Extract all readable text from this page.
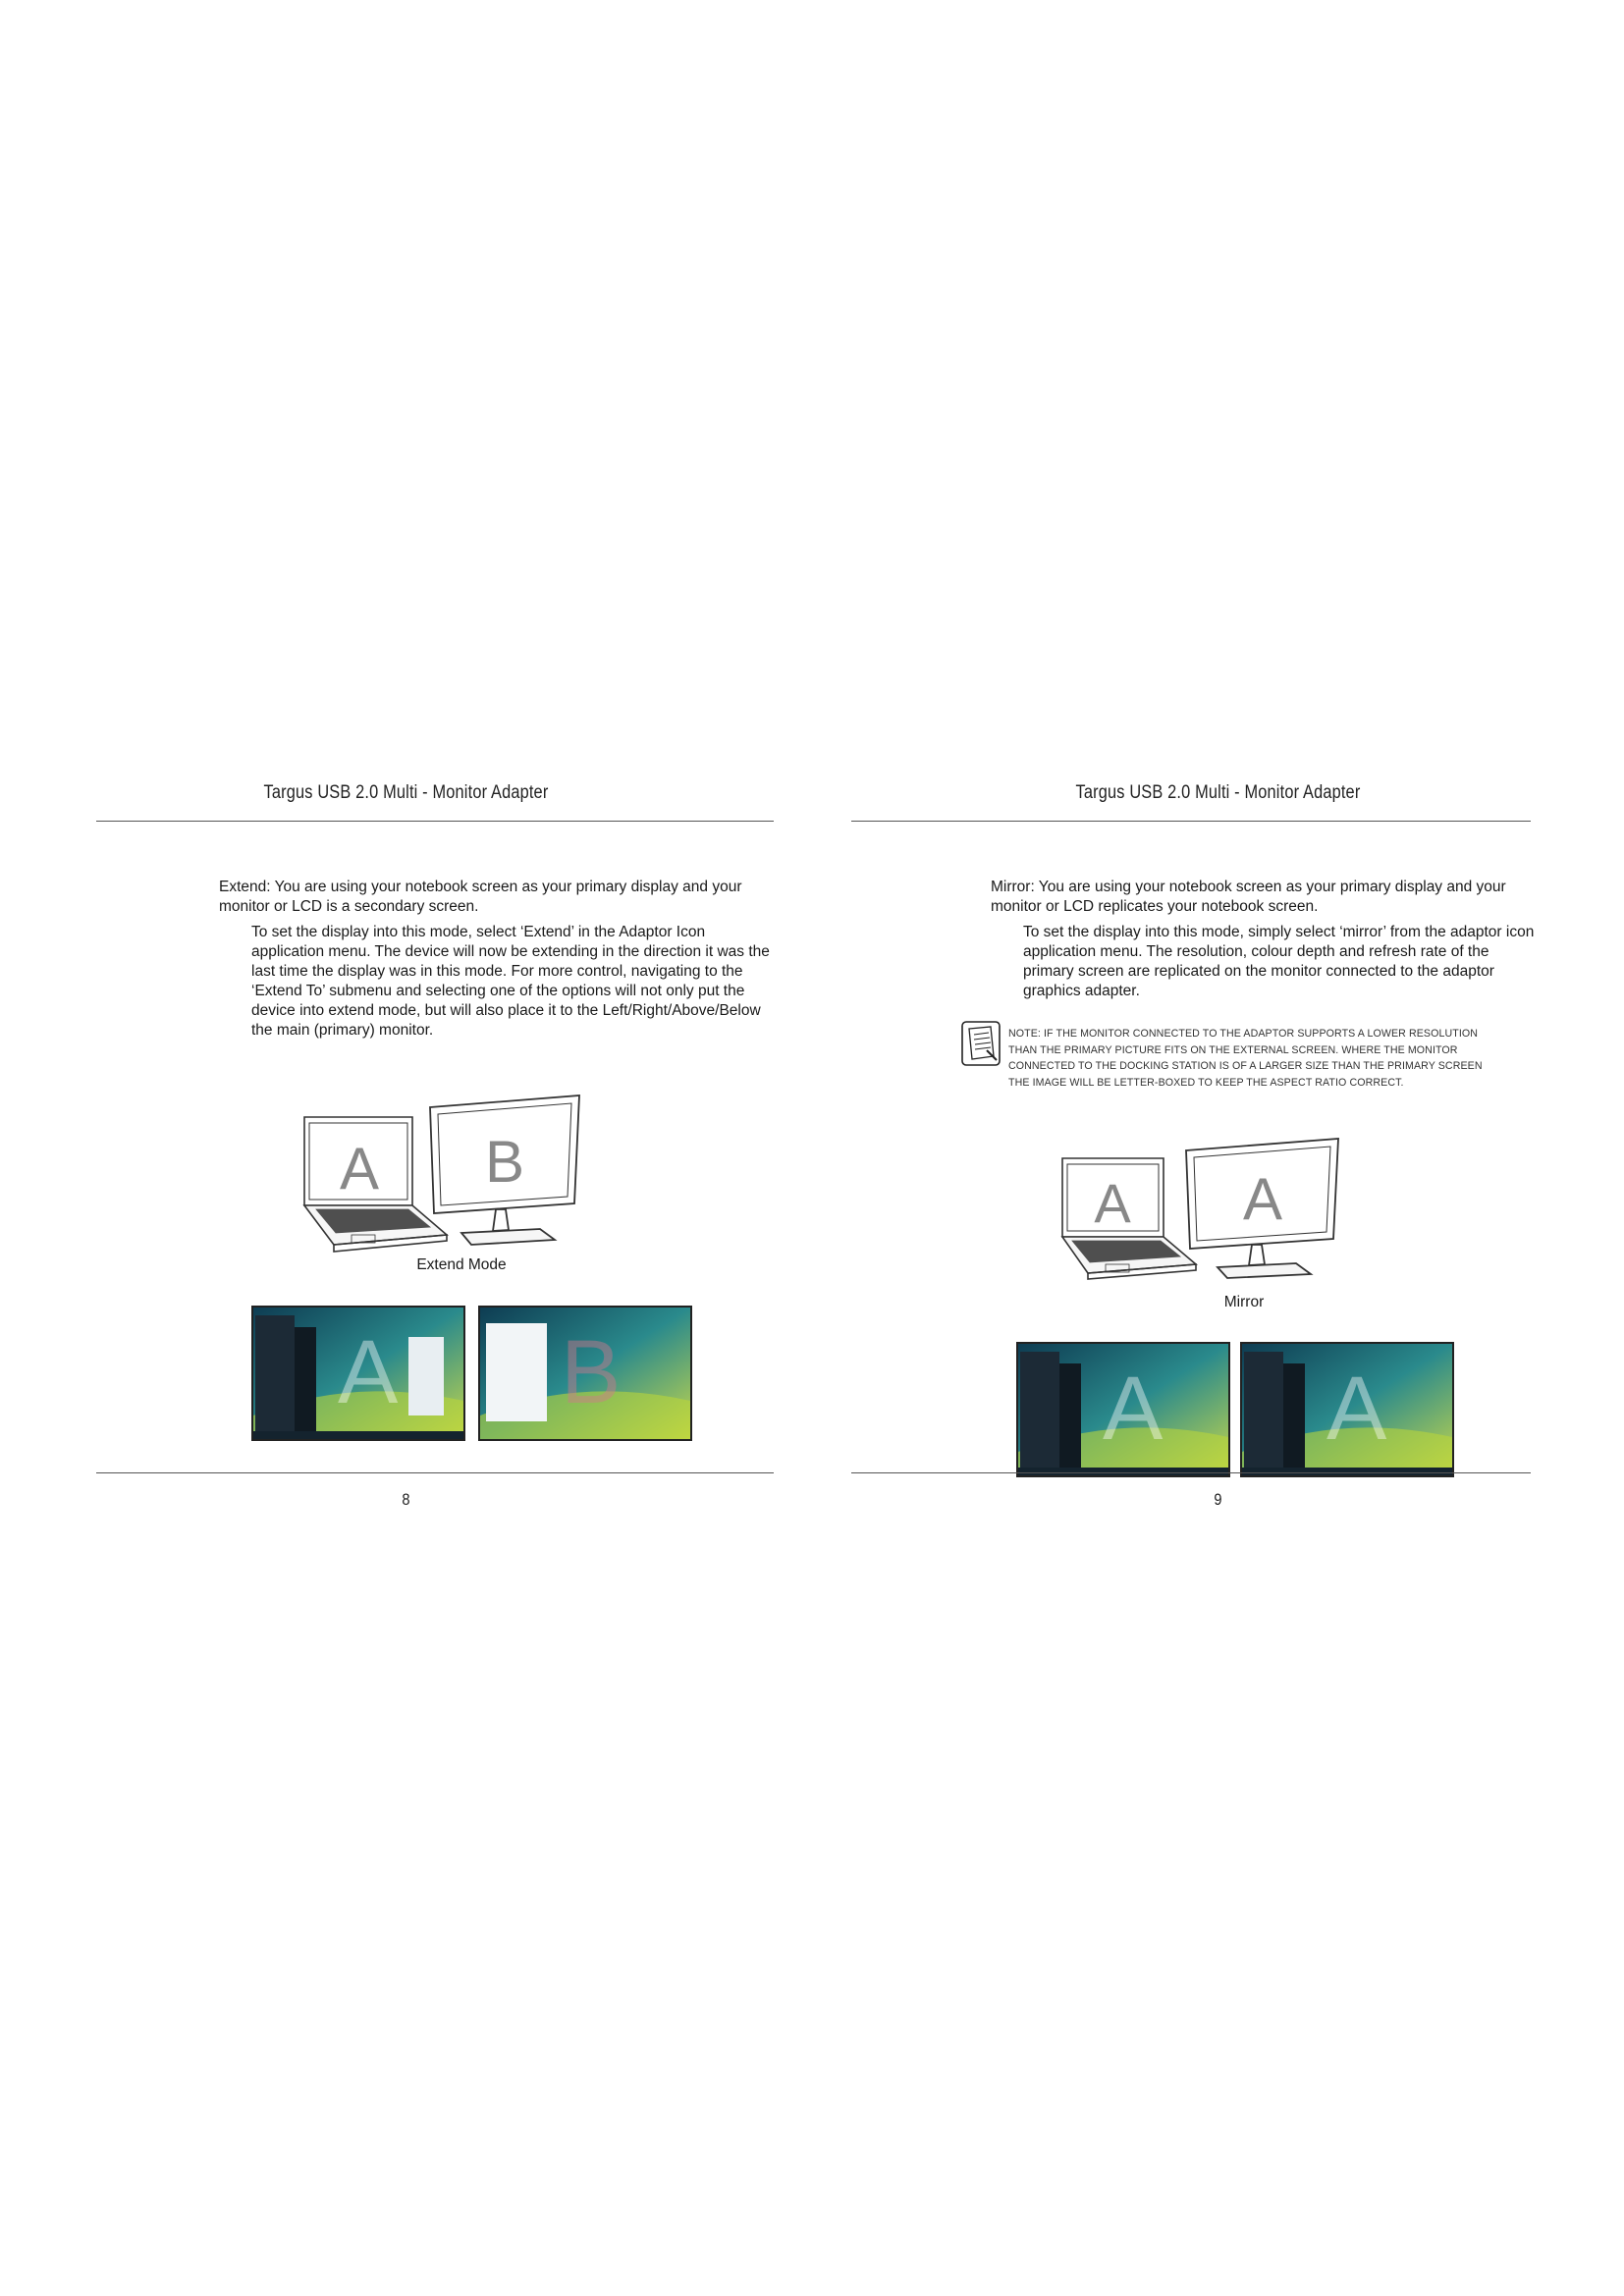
Targus USB 2.0 Multi - Monitor Adapter

Extend: You are using your notebook screen as your primary display and your monitor or LCD is a secondary screen.

To set the display into this mode, select ‘Extend’ in the Adaptor Icon application menu. The device will now be extending in the direction it was the last time the display was in this mode. For more control, navigating to the ‘Extend To’ submenu and selecting one of the options will not only put the device into extend mode, but will also place it to the Left/Right/Above/Below the main (primary) monitor.

A B
Extend Mode
A B
8
Targus USB 2.0 Multi - Monitor Adapter

Mirror: You are using your notebook screen as your primary display and your monitor or LCD replicates your notebook screen.

To set the display into this mode, simply select ‘mirror’ from the adaptor icon application menu. The resolution, colour depth and refresh rate of the primary screen are replicated on the monitor connected to the adaptor graphics adapter.

NOTE: IF THE MONITOR CONNECTED TO THE ADAPTOR SUPPORTS A LOWER RESOLUTION THAN THE PRIMARY PICTURE FITS ON THE EXTERNAL SCREEN. WHERE THE MONITOR CONNECTED TO THE DOCKING STATION IS OF A LARGER SIZE THAN THE PRIMARY SCREEN THE IMAGE WILL BE LETTER-BOXED TO KEEP THE ASPECT RATIO CORRECT.

A A
Mirror
A A
9
